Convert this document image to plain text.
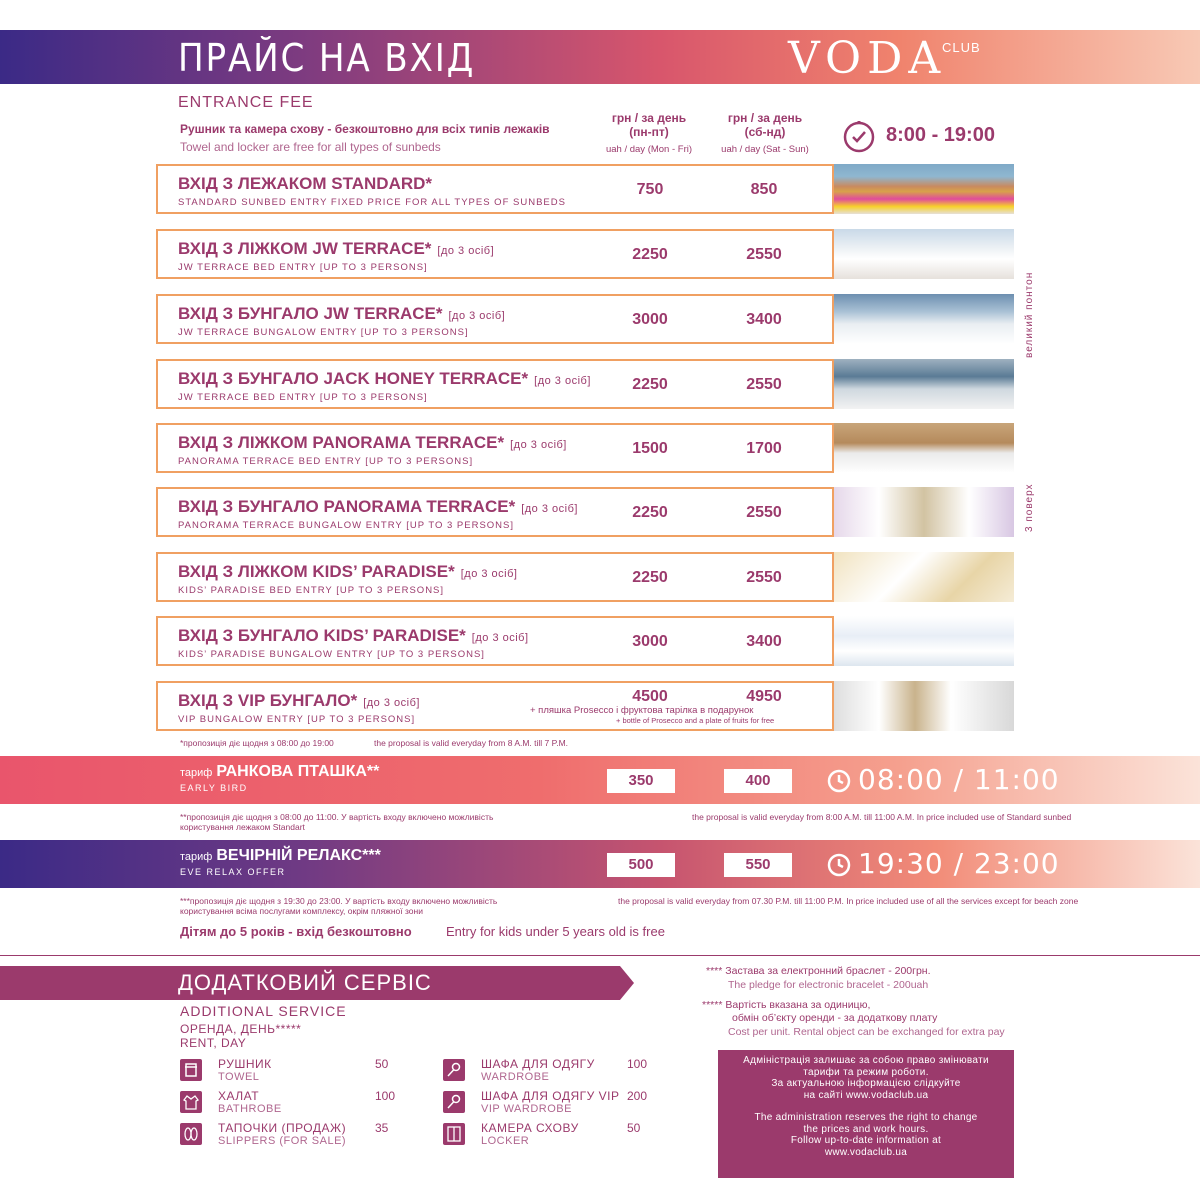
ПРАЙС НА ВХІД	VODA
CLUB
ENTRANCE FEE
Рушник та камера схову - безкоштовно для всіх типів лежаків
Towel and locker are free for all types of sunbeds
грн / за день
(пн-пт)
uah / day (Mon - Fri)
грн / за день
(сб-нд)
uah / day (Sat - Sun)
8:00 - 19:00
ВХІД З ЛЕЖАКОМ STANDARD*
STANDARD SUNBED ENTRY FIXED PRICE FOR ALL TYPES OF SUNBEDS
750	850
ВХІД З ЛІЖКОМ JW TERRACE* [до 3 осіб]
JW TERRACE BED ENTRY [UP TO 3 PERSONS]
2250	2550
ВХІД З БУНГАЛО JW TERRACE* [до 3 осіб]
JW TERRACE BUNGALOW ENTRY [UP TO 3 PERSONS]
3000	3400
ВХІД З БУНГАЛО JACK HONEY TERRACE* [до 3 осіб]
JW TERRACE BED ENTRY [UP TO 3 PERSONS]
2250	2550
ВХІД З ЛІЖКОМ PANORAMA TERRACE* [до 3 осіб]
PANORAMA TERRACE BED ENTRY [UP TO 3 PERSONS]
1500	1700
ВХІД З БУНГАЛО PANORAMA TERRACE* [до 3 осіб]
PANORAMA TERRACE BUNGALOW ENTRY [UP TO 3 PERSONS]
2250	2550
ВХІД З ЛІЖКОМ KIDS’ PARADISE* [до 3 осіб]
KIDS’ PARADISE BED ENTRY [UP TO 3 PERSONS]
2250	2550
ВХІД З БУНГАЛО KIDS’ PARADISE* [до 3 осіб]
KIDS’ PARADISE BUNGALOW ENTRY [UP TO 3 PERSONS]
3000	3400
ВХІД З VIP БУНГАЛО* [до 3 осіб]
VIP BUNGALOW ENTRY [UP TO 3 PERSONS]
4500	4950
+ пляшка Prosecco і фруктова тарілка в подарунок
+ bottle of Prosecco and a plate of fruits for free
великий понтон
3 поверх
*пропозиція діє щодня з 08:00 до 19:00	the proposal is valid everyday from 8 A.M. till 7 P.M.
тариф РАНКОВА ПТАШКА**
EARLY BIRD	350	400	08:00 / 11:00
**пропозиція діє щодня з 08:00 до 11:00. У вартість входу включено можливість
користування лежаком Standart
the proposal is valid everyday from 8:00 A.M. till 11:00 A.M. In price included use of Standard sunbed
тариф ВЕЧІРНІЙ РЕЛАКС***
EVE RELAX OFFER	500	550	19:30 / 23:00
***пропозиція діє щодня з 19:30 до 23:00. У вартість входу включено можливість
користування всіма послугами комплексу, окрім пляжної зони
the proposal is valid everyday from 07.30 P.M. till 11:00 P.M. In price included use of all the services except for beach zone
Дітям до 5 років - вхід безкоштовно	Entry for kids under 5 years old is free
ДОДАТКОВИЙ СЕРВІС
ADDITIONAL SERVICE
ОРЕНДА, ДЕНЬ*****
RENT, DAY
РУШНИК
TOWEL
50
ХАЛАТ
BATHROBE
100
ТАПОЧКИ (ПРОДАЖ)
SLIPPERS (FOR SALE)
35
ШАФА ДЛЯ ОДЯГУ
WARDROBE
100
ШАФА ДЛЯ ОДЯГУ VIP
VIP WARDROBE
200
КАМЕРА СХОВУ
LOCKER
50
**** Застава за електронний браслет - 200грн.
The pledge for electronic bracelet - 200uah
***** Вартість вказана за одиницю,
обмін об’єкту оренди - за додаткову плату
Cost per unit. Rental object can be exchanged for extra pay

Адміністрація залишає за собою право змінювати

тарифи та режим роботи.

За актуальною інформацією слідкуйте

на сайті www.vodaclub.ua

The administration reserves the right to change

the prices and work hours.

Follow up-to-date information at

www.vodaclub.ua
